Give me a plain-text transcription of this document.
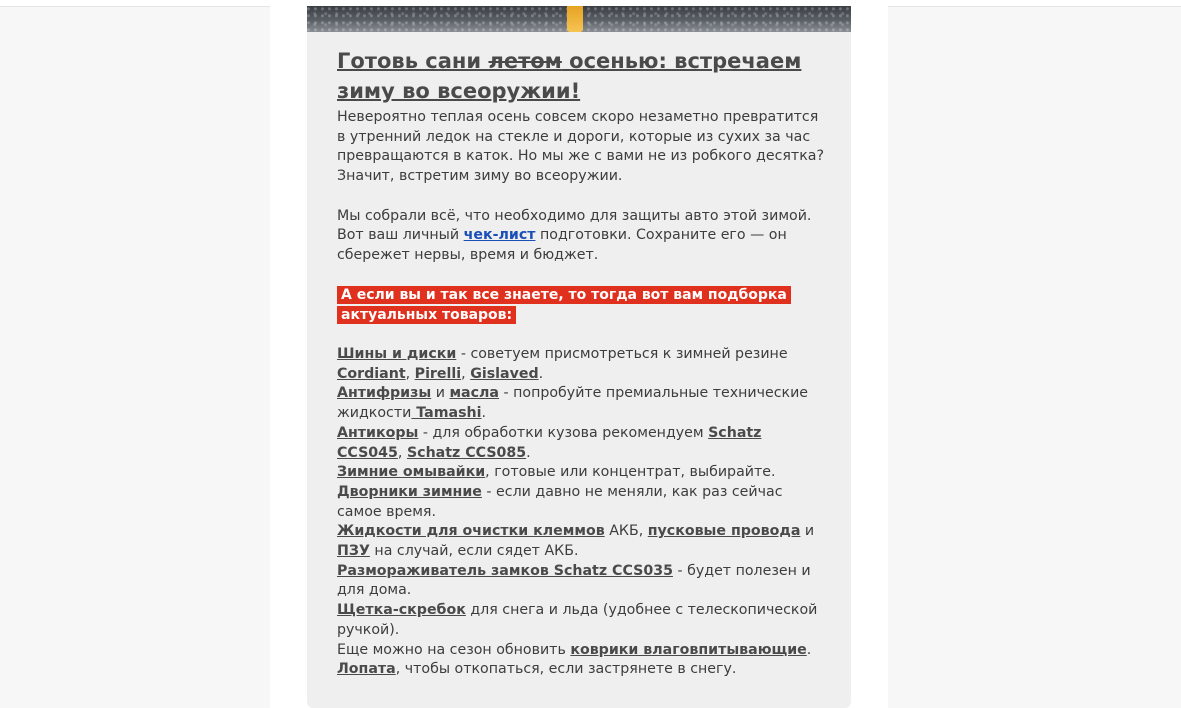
Готовь сани летом осенью: встречаем зиму во всеоружии!

Невероятно теплая осень совсем скоро незаметно превратится в утренний ледок на стекле и дороги, которые из сухих за час превращаются в каток. Но мы же с вами не из робкого десятка? Значит, встретим зиму во всеоружии.

Мы собрали всё, что необходимо для защиты авто этой зимой.
Вот ваш личный чек-лист подготовки. Сохраните его — он сбережет нервы, время и бюджет.

А если вы и так все знаете, то тогда вот вам подборка актуальных товаров:

Шины и диски - советуем присмотреться к зимней резине Cordiant, Pirelli, Gislaved.
Антифризы и масла - попробуйте премиальные технические жидкости Tamashi.
Антикоры - для обработки кузова рекомендуем Schatz CCS045, Schatz CCS085.
Зимние омывайки, готовые или концентрат, выбирайте.
Дворники зимние - если давно не меняли, как раз сейчас самое время.
Жидкости для очистки клеммов АКБ, пусковые провода и ПЗУ на случай, если сядет АКБ.
Размораживатель замков Schatz CCS035 - будет полезен и для дома.
Щетка-скребок для снега и льда (удобнее с телескопической ручкой).
Еще можно на сезон обновить коврики влаговпитывающие.
Лопата, чтобы откопаться, если застрянете в снегу.
